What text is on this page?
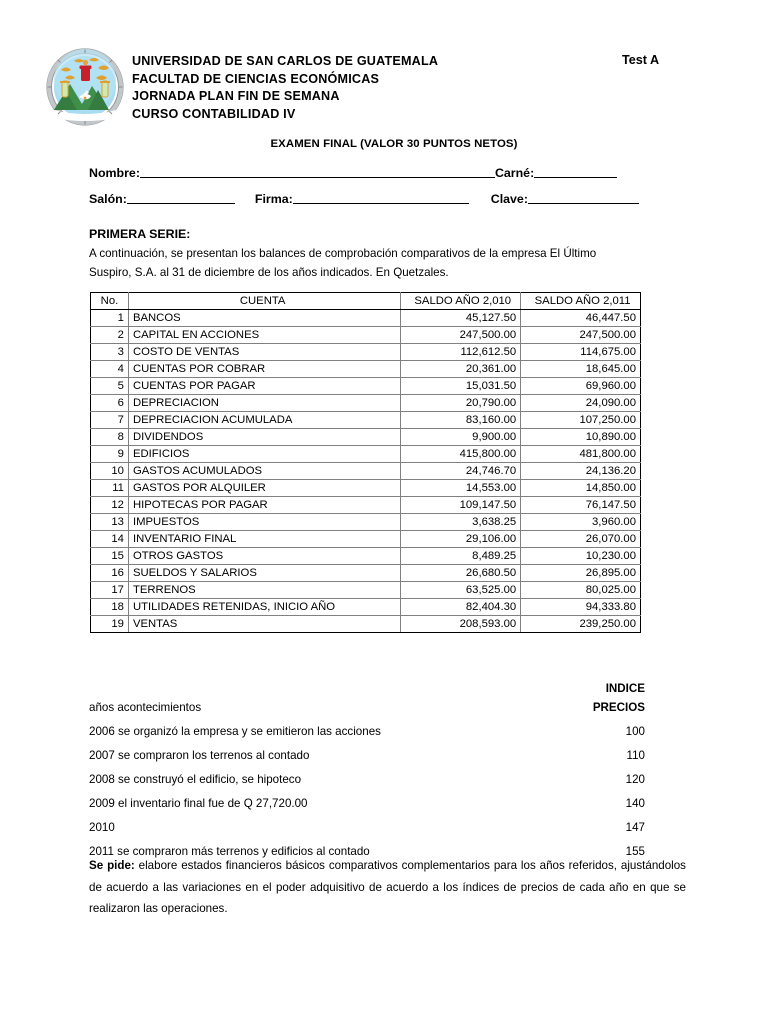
UNIVERSIDAD DE SAN CARLOS DE GUATEMALA
FACULTAD DE CIENCIAS ECONÓMICAS
JORNADA PLAN FIN DE SEMANA
CURSO CONTABILIDAD IV
Test A
EXAMEN FINAL (VALOR 30 PUNTOS NETOS)
Nombre:	Carné:
Salón:	Firma:	Clave:
PRIMERA SERIE:
A continuación, se presentan los balances de comprobación comparativos de la empresa El Último Suspiro, S.A. al 31 de diciembre de los años indicados. En Quetzales.
No.	CUENTA	SALDO AÑO 2,010	SALDO AÑO 2,011
1	BANCOS	45,127.50	46,447.50
2	CAPITAL EN ACCIONES	247,500.00	247,500.00
3	COSTO DE VENTAS	112,612.50	114,675.00
4	CUENTAS POR COBRAR	20,361.00	18,645.00
5	CUENTAS POR PAGAR	15,031.50	69,960.00
6	DEPRECIACION	20,790.00	24,090.00
7	DEPRECIACION ACUMULADA	83,160.00	107,250.00
8	DIVIDENDOS	9,900.00	10,890.00
9	EDIFICIOS	415,800.00	481,800.00
10	GASTOS ACUMULADOS	24,746.70	24,136.20
11	GASTOS POR ALQUILER	14,553.00	14,850.00
12	HIPOTECAS POR PAGAR	109,147.50	76,147.50
13	IMPUESTOS	3,638.25	3,960.00
14	INVENTARIO FINAL	29,106.00	26,070.00
15	OTROS GASTOS	8,489.25	10,230.00
16	SUELDOS Y SALARIOS	26,680.50	26,895.00
17	TERRENOS	63,525.00	80,025.00
18	UTILIDADES RETENIDAS, INICIO AÑO	82,404.30	94,333.80
19	VENTAS	208,593.00	239,250.00
INDICE
años acontecimientos	PRECIOS
2006 se organizó la empresa y se emitieron las acciones	100
2007 se compraron los terrenos al contado	110
2008 se construyó el edificio, se hipoteco	120
2009 el inventario final fue de Q 27,720.00	140
2010	147
2011 se compraron más terrenos y edificios al contado	155
Se pide: elabore estados financieros básicos comparativos complementarios para los años referidos, ajustándolos de acuerdo a las variaciones en el poder adquisitivo de acuerdo a los índices de precios de cada año en que se realizaron las operaciones.
